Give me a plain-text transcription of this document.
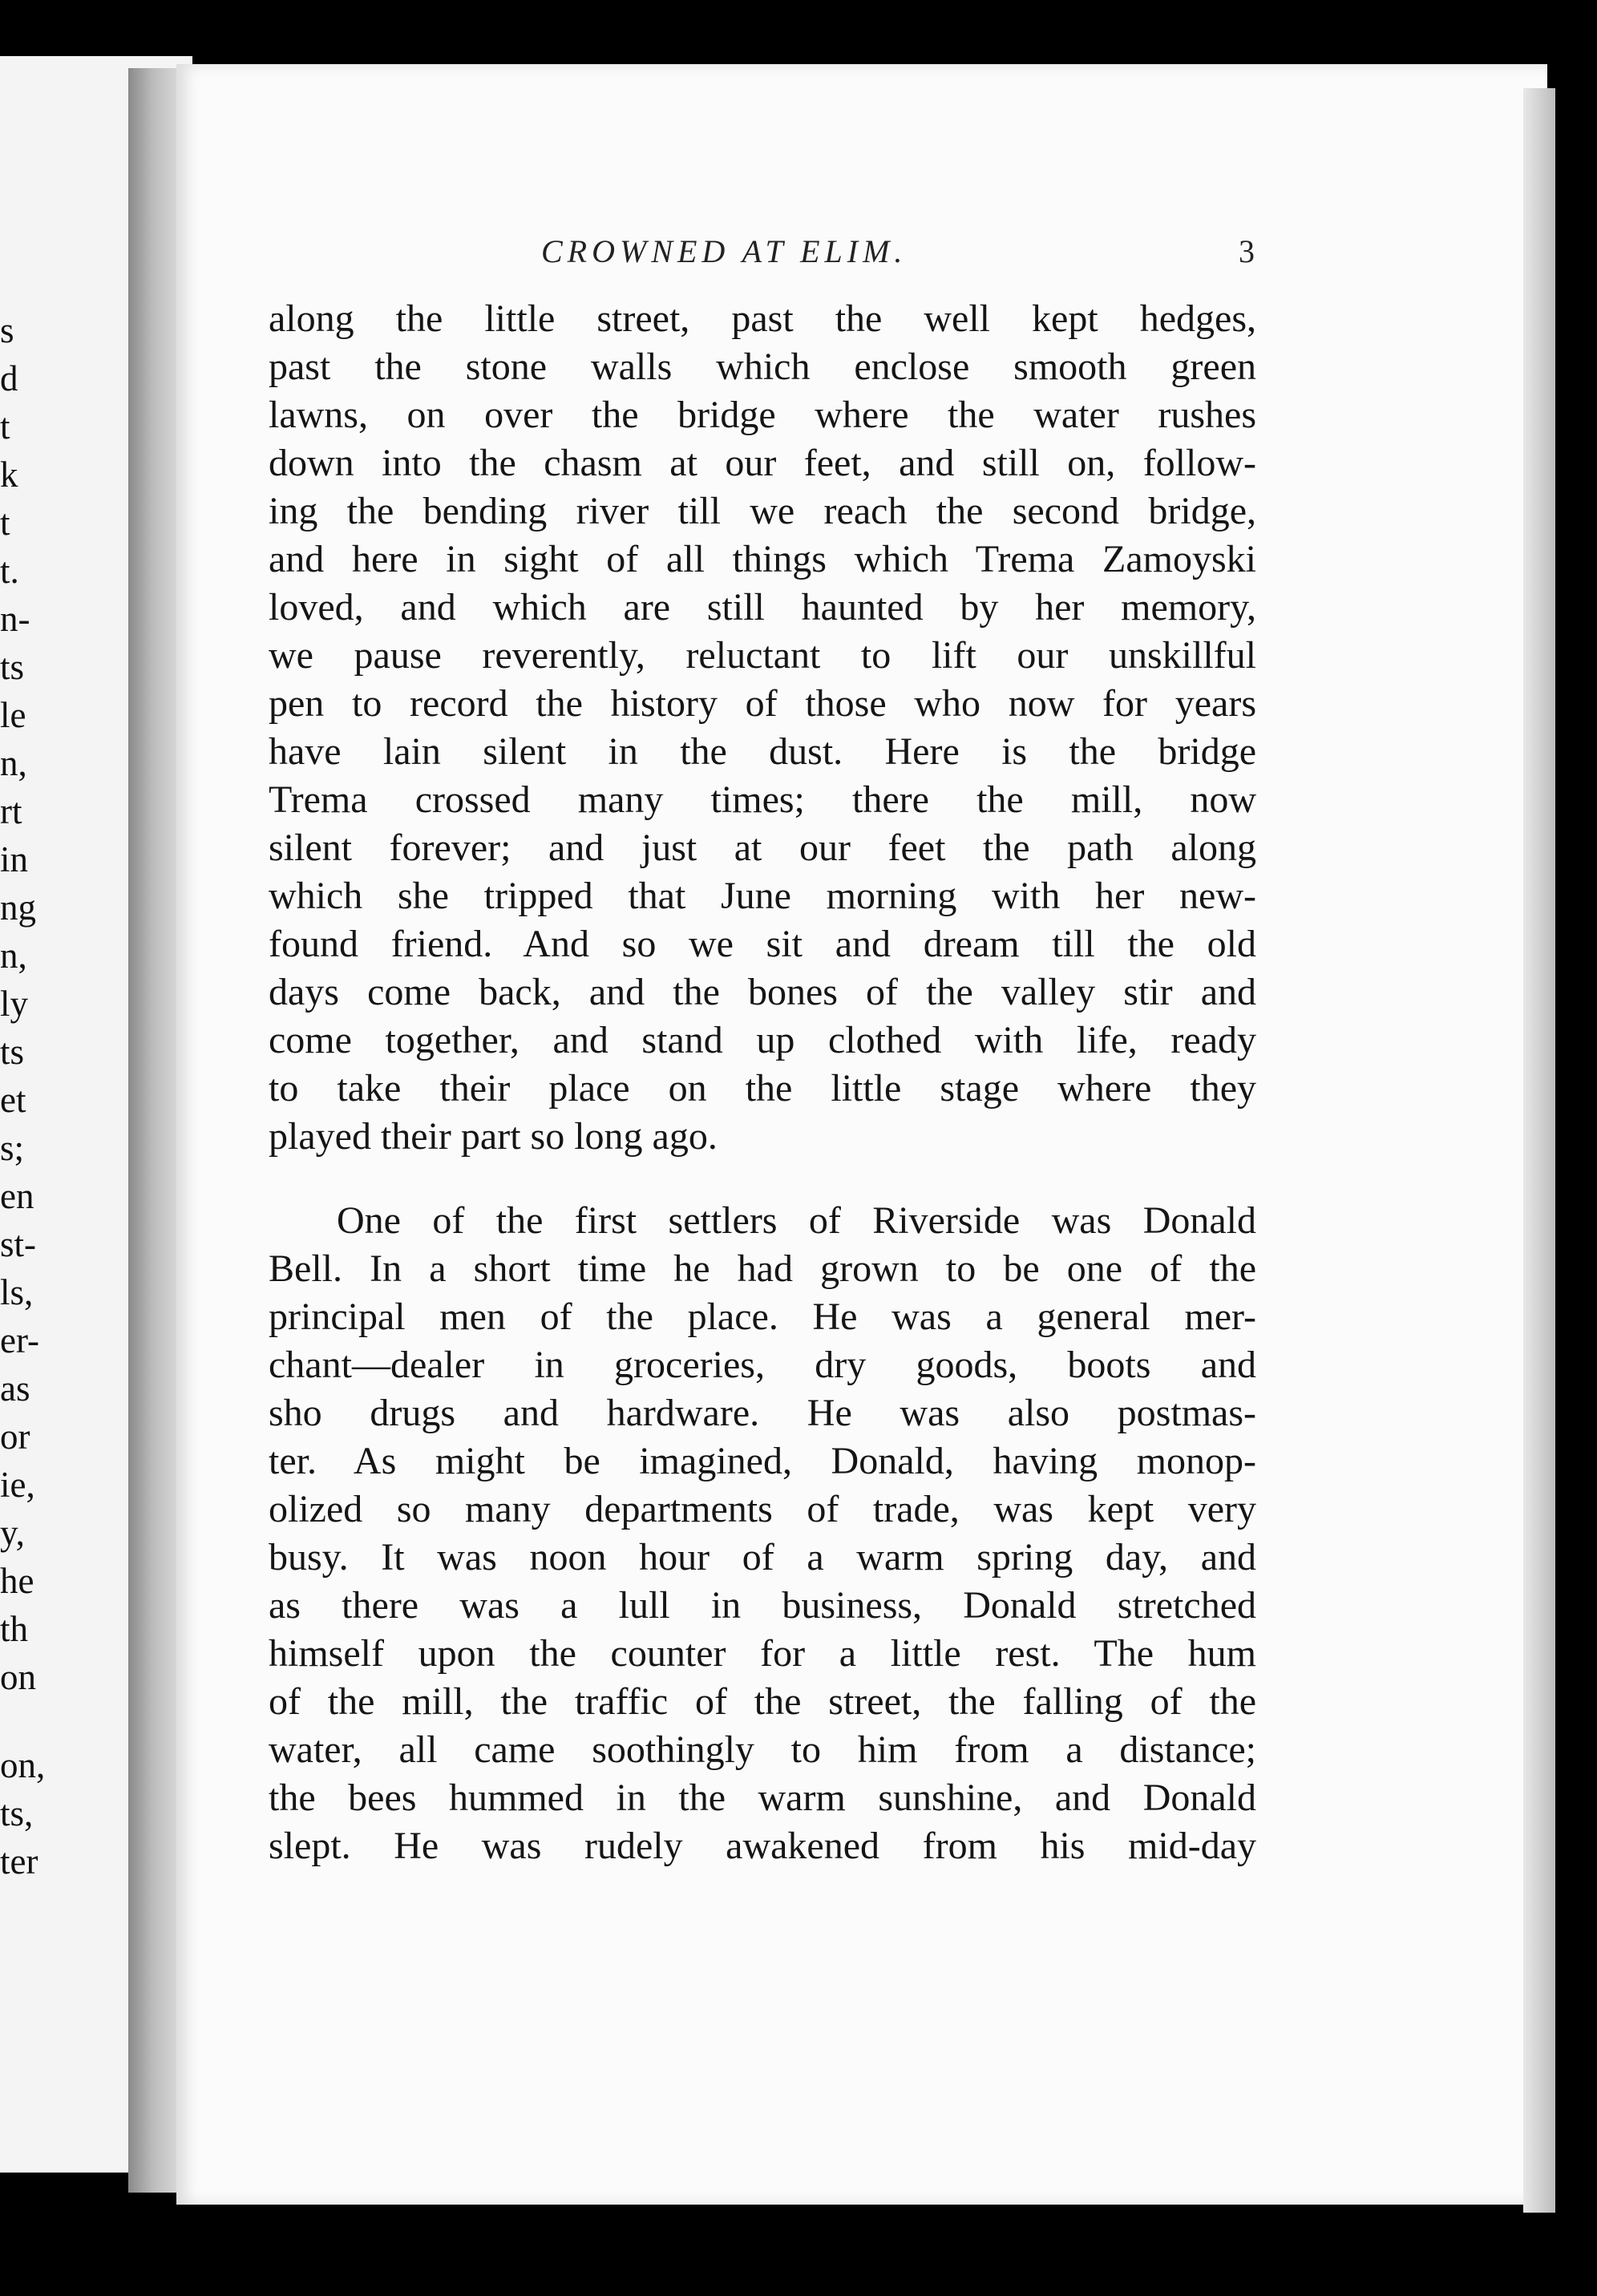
s
d
t
k
t
t.
n-
ts
le
n,
rt
in
ng
n,
ly
ts
et
s;
en
st-
ls,
er-
as
or
ie,
y,
he
th
on
on,
ts,
ter
CROWNED AT ELIM.	3
along the little street, past the well kept hedges,
past the stone walls which enclose smooth green
lawns, on over the bridge where the water rushes
down into the chasm at our feet, and still on, follow-
ing the bending river till we reach the second bridge,
and here in sight of all things which Trema Zamoyski
loved, and which are still haunted by her memory,
we pause reverently, reluctant to lift our unskillful
pen to record the history of those who now for years
have lain silent in the dust. Here is the bridge
Trema crossed many times; there the mill, now
silent forever; and just at our feet the path along
which she tripped that June morning with her new-
found friend. And so we sit and dream till the old
days come back, and the bones of the valley stir and
come together, and stand up clothed with life, ready
to take their place on the little stage where they
played their part so long ago.
One of the first settlers of Riverside was Donald
Bell. In a short time he had grown to be one of the
principal men of the place. He was a general mer-
chant—dealer in groceries, dry goods, boots and
sho drugs and hardware. He was also postmas-
ter. As might be imagined, Donald, having monop-
olized so many departments of trade, was kept very
busy. It was noon hour of a warm spring day, and
as there was a lull in business, Donald stretched
himself upon the counter for a little rest. The hum
of the mill, the traffic of the street, the falling of the
water, all came soothingly to him from a distance;
the bees hummed in the warm sunshine, and Donald
slept. He was rudely awakened from his mid-day
